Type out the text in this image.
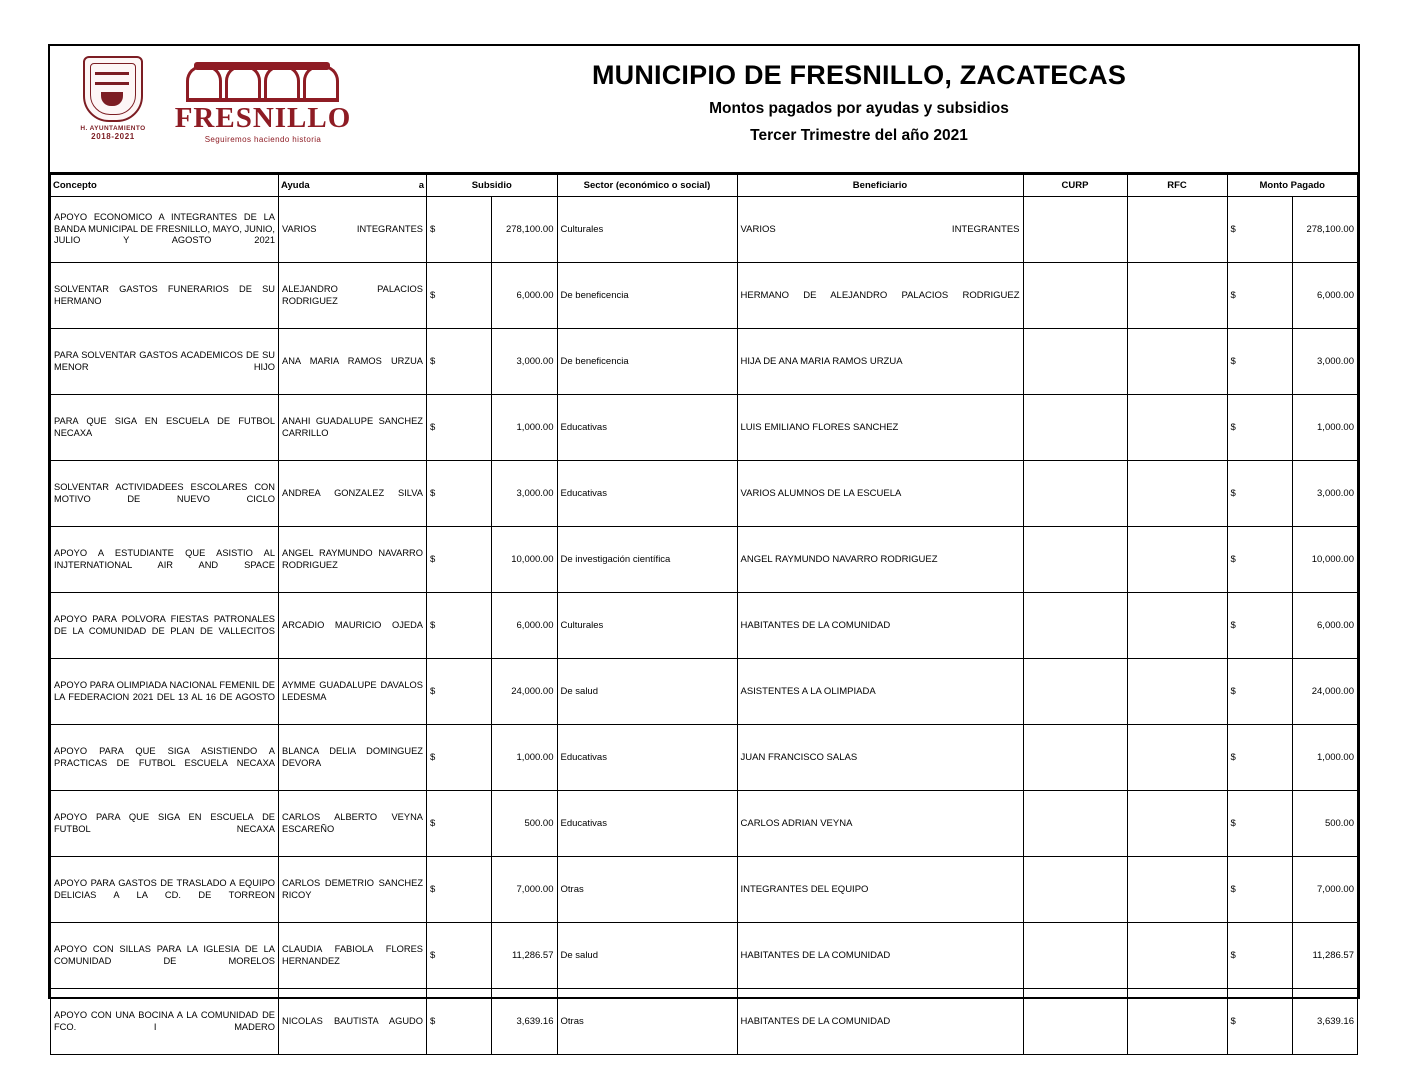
H. AYUNTAMIENTO
2018-2021
FRESNILLO
Seguiremos haciendo historia
MUNICIPIO DE FRESNILLO, ZACATECAS
Montos pagados por ayudas y subsidios
Tercer Trimestre del año 2021
Concepto	Ayuda a	Subsidio		Sector (económico o social)	Beneficiario	CURP	RFC	Monto Pagado	
APOYO ECONOMICO A INTEGRANTES DE LA BANDA MUNICIPAL DE FRESNILLO, MAYO, JUNIO, JULIO Y AGOSTO 2021	VARIOS INTEGRANTES	$	278,100.00	Culturales	VARIOS INTEGRANTES			$	278,100.00
SOLVENTAR GASTOS FUNERARIOS DE SU HERMANO	ALEJANDRO PALACIOS RODRIGUEZ	$	6,000.00	De beneficencia	HERMANO DE ALEJANDRO PALACIOS RODRIGUEZ			$	6,000.00
PARA SOLVENTAR GASTOS ACADEMICOS DE SU MENOR HIJO	ANA MARIA RAMOS URZUA	$	3,000.00	De beneficencia	HIJA DE ANA MARIA RAMOS URZUA			$	3,000.00
PARA QUE SIGA EN ESCUELA DE FUTBOL NECAXA	ANAHI GUADALUPE SANCHEZ CARRILLO	$	1,000.00	Educativas	LUIS EMILIANO FLORES SANCHEZ			$	1,000.00
SOLVENTAR ACTIVIDADEES ESCOLARES CON MOTIVO DE NUEVO CICLO	ANDREA GONZALEZ SILVA	$	3,000.00	Educativas	VARIOS ALUMNOS DE LA ESCUELA			$	3,000.00
APOYO A ESTUDIANTE QUE ASISTIO AL INJTERNATIONAL AIR AND SPACE	ANGEL RAYMUNDO NAVARRO RODRIGUEZ	$	10,000.00	De investigación científica	ANGEL RAYMUNDO NAVARRO RODRIGUEZ			$	10,000.00
APOYO PARA POLVORA FIESTAS PATRONALES DE LA COMUNIDAD DE PLAN DE VALLECITOS	ARCADIO MAURICIO OJEDA	$	6,000.00	Culturales	HABITANTES DE LA COMUNIDAD			$	6,000.00
APOYO PARA OLIMPIADA NACIONAL FEMENIL DE LA FEDERACION 2021 DEL 13 AL 16 DE AGOSTO	AYMME GUADALUPE DAVALOS LEDESMA	$	24,000.00	De salud	ASISTENTES A LA OLIMPIADA			$	24,000.00
APOYO PARA QUE SIGA ASISTIENDO A PRACTICAS DE FUTBOL ESCUELA NECAXA	BLANCA DELIA DOMINGUEZ DEVORA	$	1,000.00	Educativas	JUAN FRANCISCO SALAS			$	1,000.00
APOYO PARA QUE SIGA EN ESCUELA DE FUTBOL NECAXA	CARLOS ALBERTO VEYNA ESCAREÑO	$	500.00	Educativas	CARLOS ADRIAN VEYNA			$	500.00
APOYO PARA GASTOS DE TRASLADO A EQUIPO DELICIAS A LA CD. DE TORREON	CARLOS DEMETRIO SANCHEZ RICOY	$	7,000.00	Otras	INTEGRANTES DEL EQUIPO			$	7,000.00
APOYO CON SILLAS PARA LA IGLESIA DE LA COMUNIDAD DE MORELOS	CLAUDIA FABIOLA FLORES HERNANDEZ	$	11,286.57	De salud	HABITANTES DE LA COMUNIDAD			$	11,286.57
APOYO CON UNA BOCINA A LA COMUNIDAD DE FCO. I MADERO	NICOLAS BAUTISTA AGUDO	$	3,639.16	Otras	HABITANTES DE LA COMUNIDAD			$	3,639.16
